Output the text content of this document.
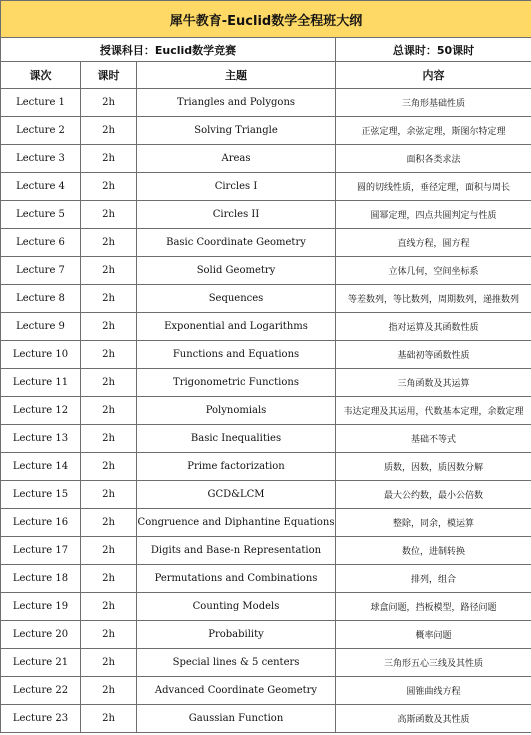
犀牛教育-Euclid数学全程班大纲			
授课科目：Euclid数学竞赛			总课时：50课时
课次	课时	主题	内容
Lecture 1	2h	Triangles and Polygons	三角形基础性质
Lecture 2	2h	Solving Triangle	正弦定理，余弦定理，斯图尔特定理
Lecture 3	2h	Areas	面积各类求法
Lecture 4	2h	Circles I	圆的切线性质，垂径定理，面积与周长
Lecture 5	2h	Circles II	圆幂定理，四点共圆判定与性质
Lecture 6	2h	Basic Coordinate Geometry	直线方程，圆方程
Lecture 7	2h	Solid Geometry	立体几何，空间坐标系
Lecture 8	2h	Sequences	等差数列，等比数列，周期数列，递推数列
Lecture 9	2h	Exponential and Logarithms	指对运算及其函数性质
Lecture 10	2h	Functions and Equations	基础初等函数性质
Lecture 11	2h	Trigonometric Functions	三角函数及其运算
Lecture 12	2h	Polynomials	韦达定理及其运用，代数基本定理，余数定理
Lecture 13	2h	Basic Inequalities	基础不等式
Lecture 14	2h	Prime factorization	质数，因数，质因数分解
Lecture 15	2h	GCD&LCM	最大公约数，最小公倍数
Lecture 16	2h	Congruence and Diphantine Equations	整除，同余，模运算
Lecture 17	2h	Digits and Base-n Representation	数位，进制转换
Lecture 18	2h	Permutations and Combinations	排列，组合
Lecture 19	2h	Counting Models	球盒问题，挡板模型，路径问题
Lecture 20	2h	Probability	概率问题
Lecture 21	2h	Special lines & 5 centers	三角形五心三线及其性质
Lecture 22	2h	Advanced Coordinate Geometry	圆锥曲线方程
Lecture 23	2h	Gaussian Function	高斯函数及其性质
